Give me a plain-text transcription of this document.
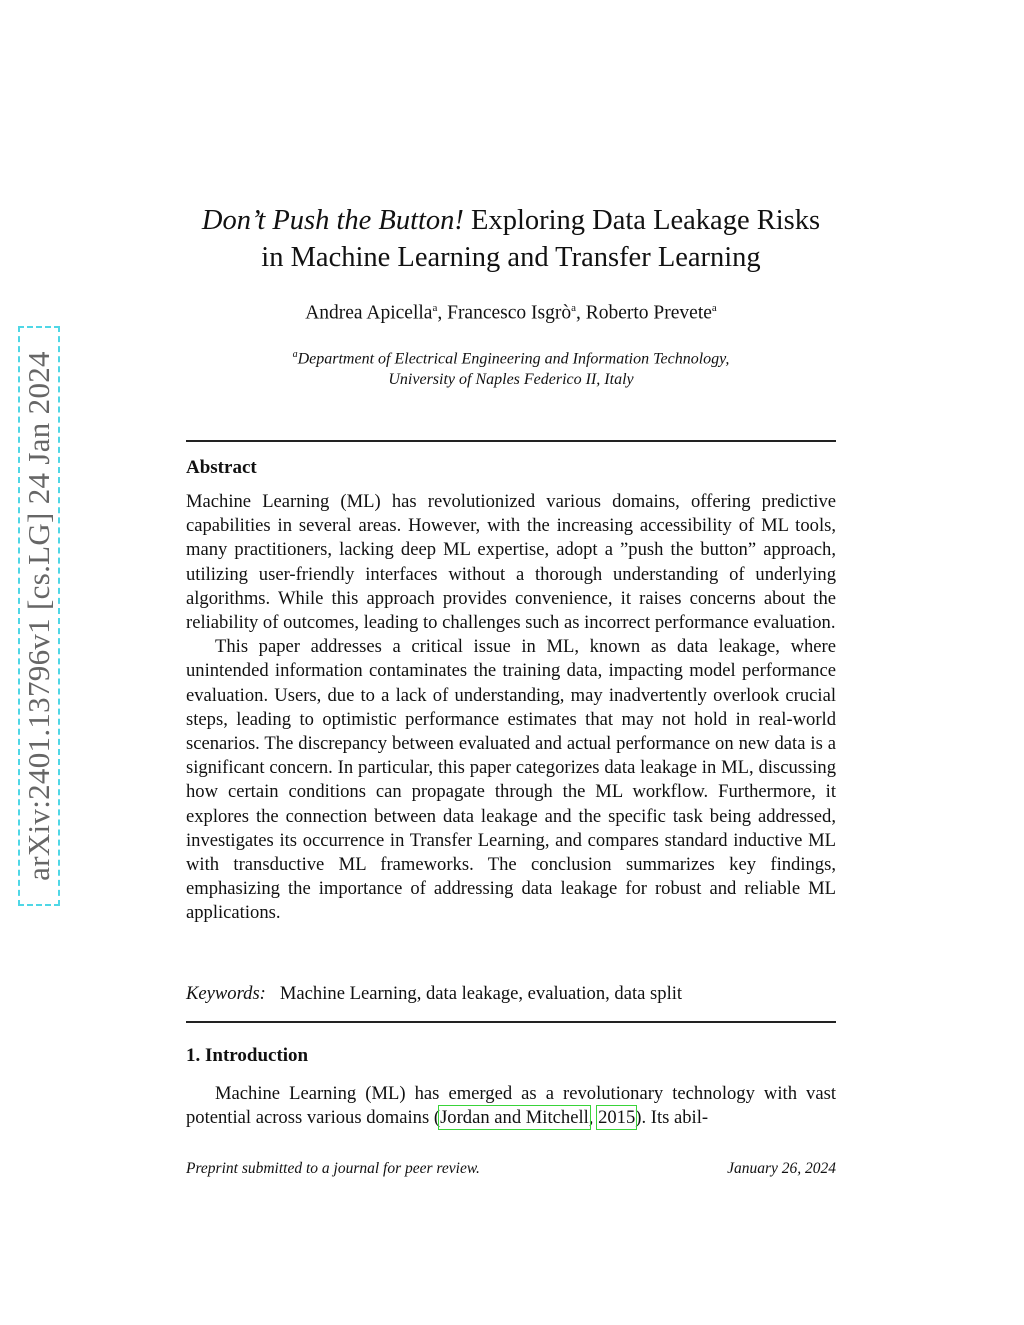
arXiv:2401.13796v1 [cs.LG] 24 Jan 2024
Don’t Push the Button! Exploring Data Leakage Risks
in Machine Learning and Transfer Learning
Andrea Apicella$^a$, Francesco Isgrò$^a$, Roberto Prevete$^a$
$^a$Department of Electrical Engineering and Information Technology,
University of Naples Federico II, Italy
Abstract

Machine Learning (ML) has revolutionized various domains, offering predictive capabilities in several areas. However, with the increasing accessibility of ML tools, many practitioners, lacking deep ML expertise, adopt a ”push the button” approach, utilizing user-friendly interfaces without a thorough understanding of underlying algorithms. While this approach provides convenience, it raises concerns about the reliability of outcomes, leading to challenges such as incorrect performance evaluation.

This paper addresses a critical issue in ML, known as data leakage, where unintended information contaminates the training data, impacting model performance evaluation. Users, due to a lack of understanding, may inadvertently overlook crucial steps, leading to optimistic performance estimates that may not hold in real-world scenarios. The discrepancy between evaluated and actual performance on new data is a significant concern. In particular, this paper categorizes data leakage in ML, discussing how certain conditions can propagate through the ML workflow. Furthermore, it explores the connection between data leakage and the specific task being addressed, investigates its occurrence in Transfer Learning, and compares standard inductive ML with transductive ML frameworks. The conclusion summarizes key findings, emphasizing the importance of addressing data leakage for robust and reliable ML applications.

Keywords: Machine Learning, data leakage, evaluation, data split
1. Introduction

Machine Learning (ML) has emerged as a revolutionary technology with vast potential across various domains (Jordan and Mitchell, 2015). Its abil-

Preprint submitted to a journal for peer review.	January 26, 2024
